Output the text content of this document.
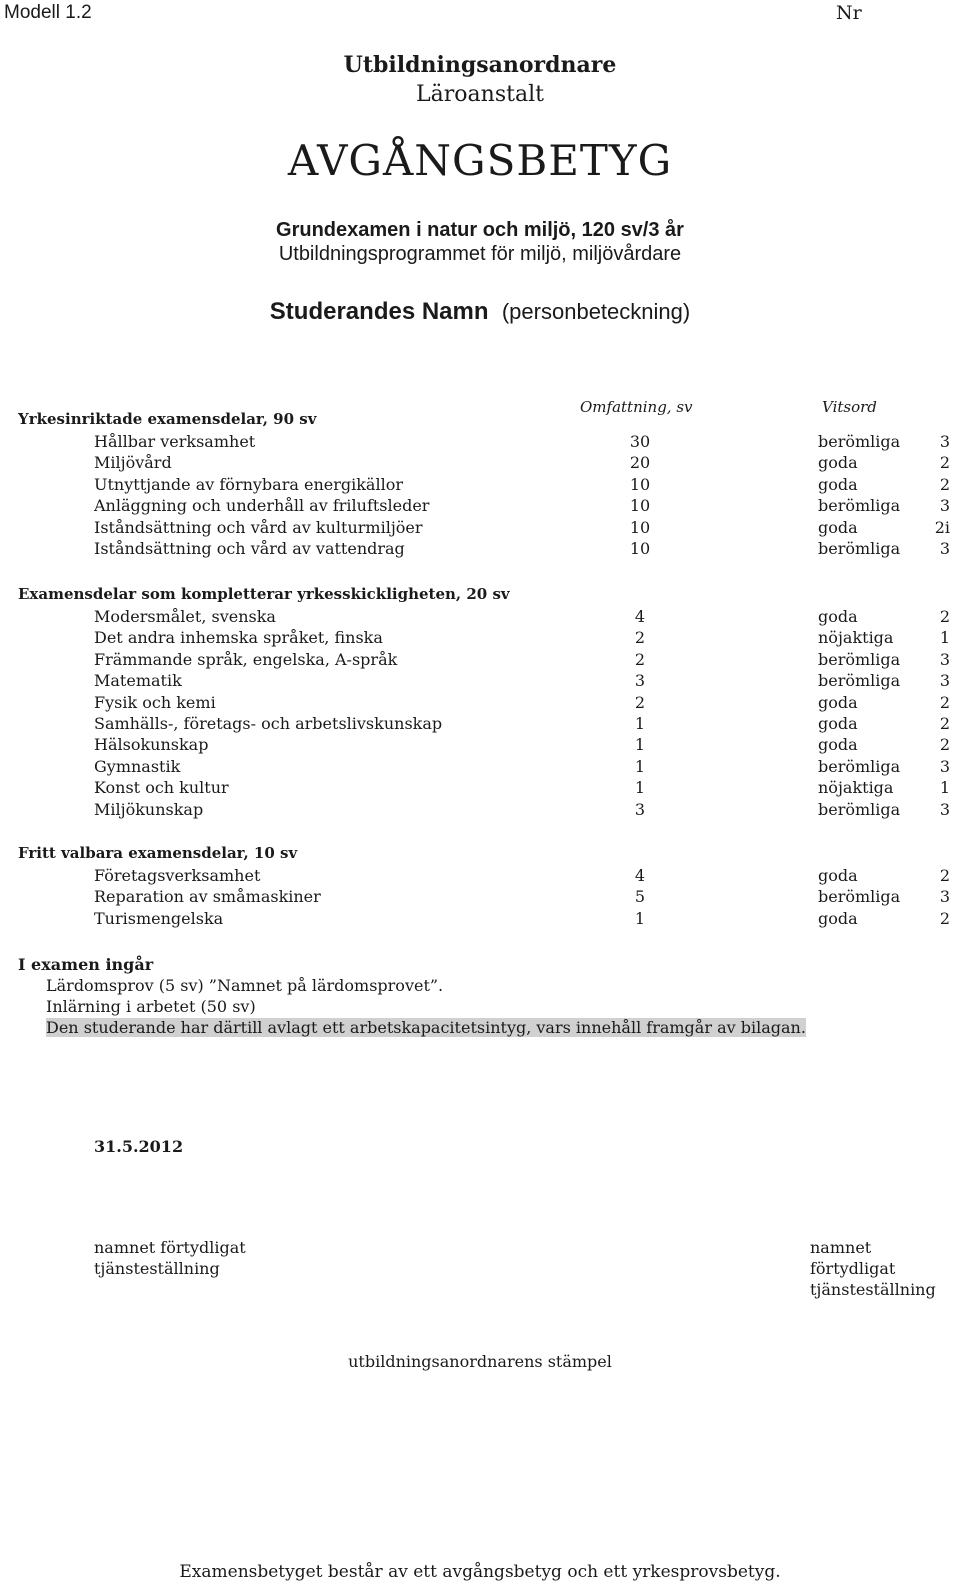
Modell 1.2	Nr
Utbildningsanordnare
Läroanstalt
AVGÅNGSBETYG
Grundexamen i natur och miljö, 120 sv/3 år
Utbildningsprogrammet för miljö, miljövårdare
Studerandes Namn (personbeteckning)
Omfattning, sv	Vitsord
Yrkesinriktade examensdelar, 90 sv
Hållbar verksamhet	30	berömliga	3
Miljövård	20	goda	2
Utnyttjande av förnybara energikällor	10	goda	2
Anläggning och underhåll av friluftsleder	10	berömliga	3
Iståndsättning och vård av kulturmiljöer	10	goda	2i
Iståndsättning och vård av vattendrag	10	berömliga	3
Examensdelar som kompletterar yrkesskickligheten, 20 sv
Modersmålet, svenska	4	goda	2
Det andra inhemska språket, finska	2	nöjaktiga	1
Främmande språk, engelska, A-språk	2	berömliga	3
Matematik	3	berömliga	3
Fysik och kemi	2	goda	2
Samhälls-, företags- och arbetslivskunskap	1	goda	2
Hälsokunskap	1	goda	2
Gymnastik	1	berömliga	3
Konst och kultur	1	nöjaktiga	1
Miljökunskap	3	berömliga	3
Fritt valbara examensdelar, 10 sv
Företagsverksamhet	4	goda	2
Reparation av småmaskiner	5	berömliga	3
Turismengelska	1	goda	2
I examen ingår
Lärdomsprov (5 sv) ”Namnet på lärdomsprovet”.
Inlärning i arbetet (50 sv)
Den studerande har därtill avlagt ett arbetskapacitetsintyg, vars innehåll framgår av bilagan.
31.5.2012
namnet förtydligat
tjänsteställning
namnet förtydligat
tjänsteställning
utbildningsanordnarens stämpel
Examensbetyget består av ett avgångsbetyg och ett yrkesprovsbetyg.
